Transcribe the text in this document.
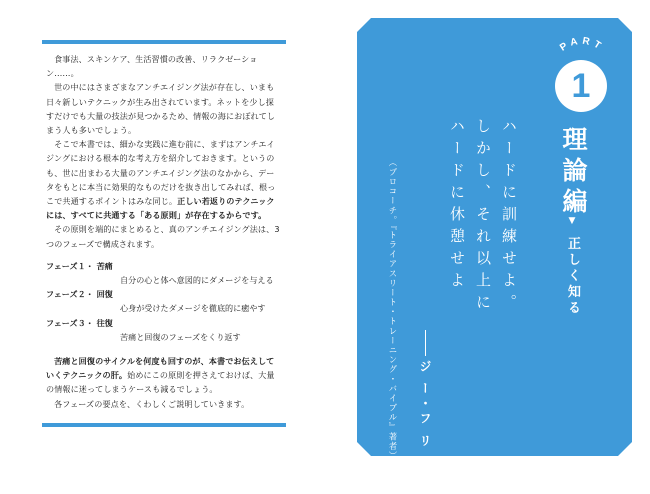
食事法、スキンケア、生活習慣の改善、リラクゼーション……。

世の中にはさまざまなアンチエイジング法が存在し、いまも日々新しいテクニックが生み出されています。ネットを少し探すだけでも大量の技法が見つかるため、情報の海におぼれてしまう人も多いでしょう。

そこで本書では、細かな実践に進む前に、まずはアンチエイジングにおける根本的な考え方を紹介しておきます。というのも、世に出まわる大量のアンチエイジング法のなかから、データをもとに本当に効果的なものだけを抜き出してみれば、根っこで共通するポイントはみな同じ。正しい若返りのテクニックには、すべてに共通する「ある原則」が存在するからです。

その原則を端的にまとめると、真のアンチエイジング法は、3つのフェーズで構成されます。

フェーズ１・ 苦痛

自分の心と体へ意図的にダメージを与える

フェーズ２・ 回復

心身が受けたダメージを徹底的に癒やす

フェーズ３・ 往復

苦痛と回復のフェーズをくり返す

苦痛と回復のサイクルを何度も回すのが、本書でお伝えしていくテクニックの肝。始めにこの原則を押さえておけば、大量の情報に迷ってしまうケースも減るでしょう。

各フェーズの要点を、くわしくご説明していきます。

PART
1
理論編
▼ 正しく知る
ハードに訓練せよ。
しかし、それ以上に
ハードに休憩せよ
ジ ー・フ リ エ ル
（ブロコーチ。『トライアスリート・トレーニング・バイブル』著者）
